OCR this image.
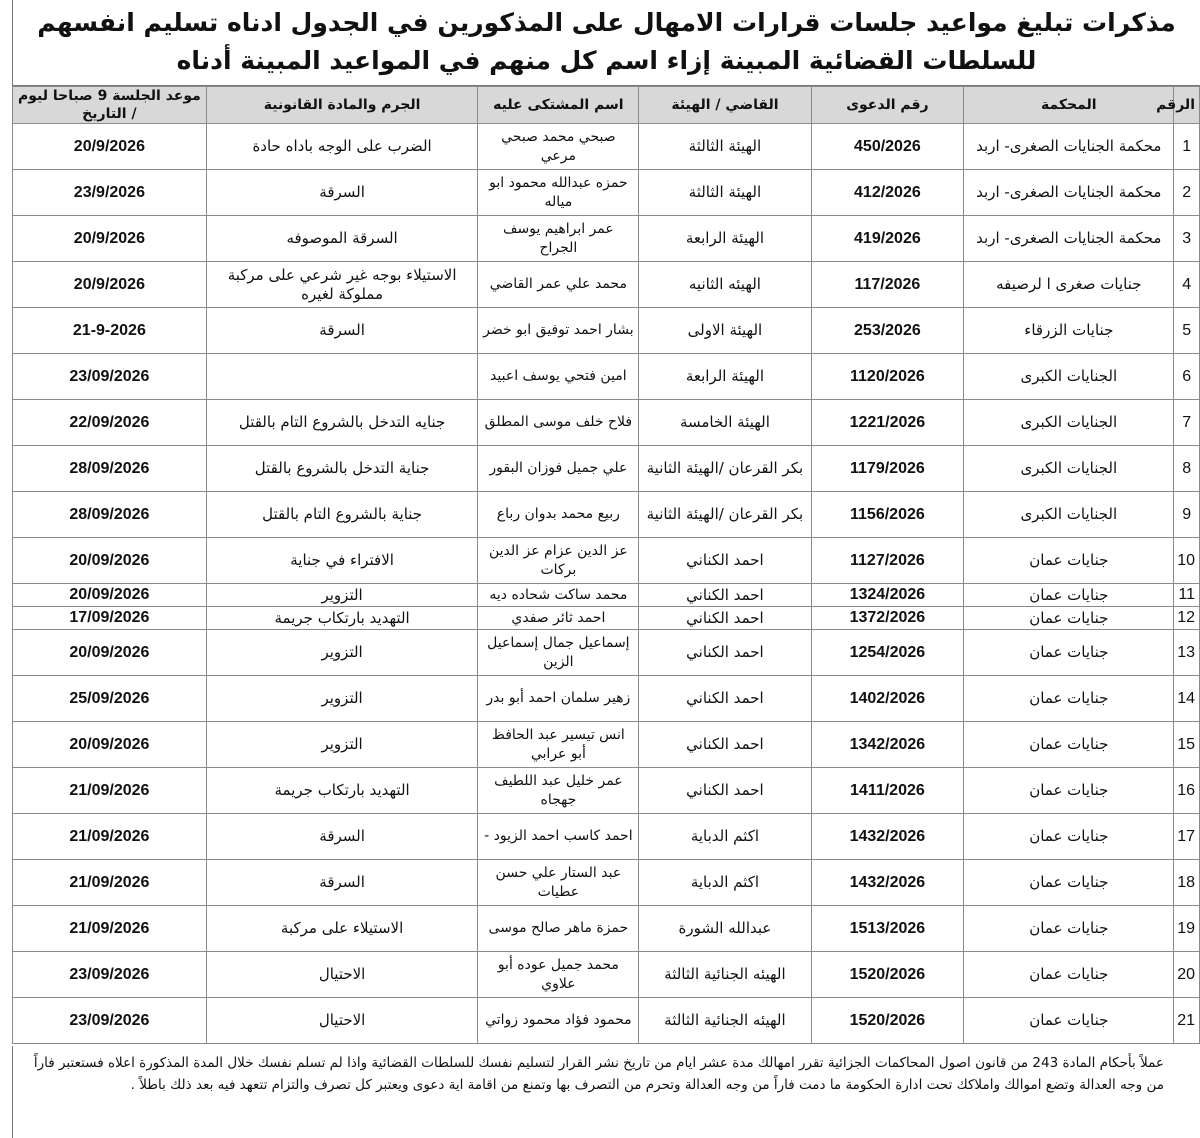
مذكرات تبليغ مواعيد جلسات قرارات الامهال على المذكورين في الجدول ادناه تسليم انفسهم للسلطات القضائية المبينة إزاء اسم كل منهم في المواعيد المبينة أدناه
الرقم	المحكمة	رقم الدعوى	القاضي / الهيئة	اسم المشتكى عليه	الجرم والمادة القانونية	موعد الجلسة 9 صباحا ليوم / التاريخ
1	محكمة الجنايات الصغرى- اربد	450/2026	الهيئة الثالثة	صبحي محمد صبحي مرعي	الضرب على الوجه باداه حادة	20/9/2026
2	محكمة الجنايات الصغرى- اربد	412/2026	الهيئة الثالثة	حمزه عبدالله محمود ابو مياله	السرقة	23/9/2026
3	محكمة الجنايات الصغرى- اربد	419/2026	الهيئة الرابعة	عمر ابراهيم يوسف الجراح	السرقة الموصوفه	20/9/2026
4	جنايات صغرى ا لرصيفه	117/2026	الهيئه الثانيه	محمد علي عمر القاضي	الاستيلاء بوجه غير شرعي على مركبة مملوكة لغيره	20/9/2026
5	جنايات الزرقاء	253/2026	الهيئة الاولى	بشار احمد توفيق ابو خضر	السرقة	21-9-2026
6	الجنايات الكبرى	1120/2026	الهيئة الرابعة	امين فتحي يوسف اعبيد		23/09/2026
7	الجنايات الكبرى	1221/2026	الهيئة الخامسة	فلاح خلف موسى المطلق	جنايه التدخل بالشروع التام بالقتل	22/09/2026
8	الجنايات الكبرى	1179/2026	بكر القرعان /الهيئة الثانية	علي جميل فوزان البقور	جناية التدخل بالشروع بالقتل	28/09/2026
9	الجنايات الكبرى	1156/2026	بكر القرعان /الهيئة الثانية	ربيع محمد بدوان رباع	جناية بالشروع التام بالقتل	28/09/2026
10	جنايات عمان	1127/2026	احمد الكناني	عز الدين عزام عز الدين بركات	الافتراء في جناية	20/09/2026
11	جنايات عمان	1324/2026	احمد الكناني	محمد ساكت شحاده ديه	التزوير	20/09/2026
12	جنايات عمان	1372/2026	احمد الكناني	احمد ثائر صفدي	التهديد بارتكاب جريمة	17/09/2026
13	جنايات عمان	1254/2026	احمد الكناني	إسماعيل جمال إسماعيل الزين	التزوير	20/09/2026
14	جنايات عمان	1402/2026	احمد الكناني	زهير سلمان احمد أبو بدر	التزوير	25/09/2026
15	جنايات عمان	1342/2026	احمد الكناني	انس تيسير عبد الحافظ أبو عرابي	التزوير	20/09/2026
16	جنايات عمان	1411/2026	احمد الكناني	عمر خليل عبد اللطيف جهجاه	التهديد بارتكاب جريمة	21/09/2026
17	جنايات عمان	1432/2026	اكثم الدباية	احمد كاسب احمد الزيود -	السرقة	21/09/2026
18	جنايات عمان	1432/2026	اكثم الدباية	عبد الستار علي حسن عطيات	السرقة	21/09/2026
19	جنايات عمان	1513/2026	عبدالله الشورة	حمزة ماهر صالح موسى	الاستيلاء على مركبة	21/09/2026
20	جنايات عمان	1520/2026	الهيئه الجنائية الثالثة	محمد جميل عوده أبو علاوي	الاحتيال	23/09/2026
21	جنايات عمان	1520/2026	الهيئه الجنائية الثالثة	محمود فؤاد محمود زواتي	الاحتيال	23/09/2026
عملاً بأحكام المادة 243 من قانون اصول المحاكمات الجزائية تقرر امهالك مدة عشر ايام من تاريخ نشر القرار لتسليم نفسك للسلطات القضائية واذا لم تسلم نفسك خلال المدة المذكورة اعلاه فستعتبر فاراً من وجه العدالة وتضع اموالك واملاكك تحت ادارة الحكومة ما دمت فاراً من وجه العدالة وتحرم من التصرف بها وتمنع من اقامة اية دعوى ويعتبر كل تصرف والتزام تتعهد فيه بعد ذلك باطلاً .
